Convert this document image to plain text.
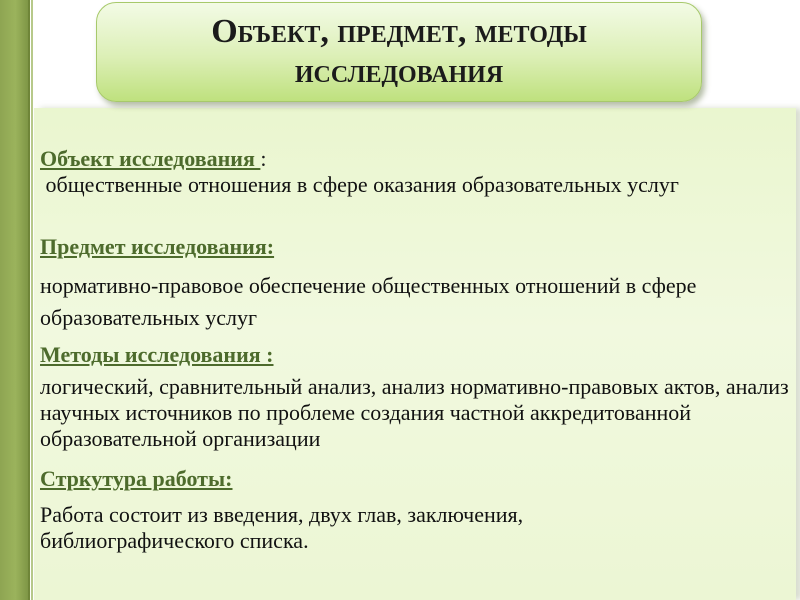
Объект, предмет, методы исследования
Объект исследования :
общественные отношения в сфере оказания образовательных услуг
Предмет исследования:
нормативно-правовое обеспечение общественных отношений в сфере образовательных услуг
Методы исследования :
логический, сравнительный анализ, анализ нормативно-правовых актов, анализ научных источников по проблеме создания частной аккредитованной образовательной организации
Стркутура работы:
Работа состоит из введения, двух глав, заключения, библиографического списка.
